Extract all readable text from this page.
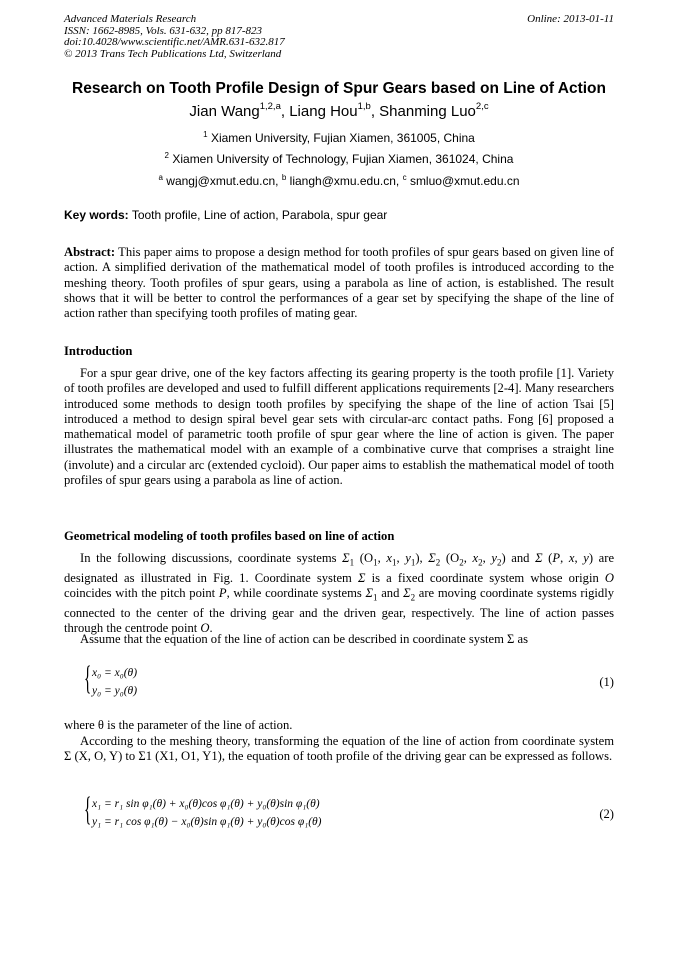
Advanced Materials Research
ISSN: 1662-8985, Vols. 631-632, pp 817-823
doi:10.4028/www.scientific.net/AMR.631-632.817
© 2013 Trans Tech Publications Ltd, Switzerland
Online: 2013-01-11
Research on Tooth Profile Design of Spur Gears based on Line of Action
Jian Wang$^{1,2,a}$, Liang Hou$^{1,b}$, Shanming Luo$^{2,c}$
$^1$ Xiamen University, Fujian Xiamen, 361005, China
$^2$ Xiamen University of Technology, Fujian Xiamen, 361024, China
$^a$ wangj@xmut.edu.cn, $^b$ liangh@xmu.edu.cn, $^c$ smluo@xmut.edu.cn
Key words: Tooth profile, Line of action, Parabola, spur gear
Abstract: This paper aims to propose a design method for tooth profiles of spur gears based on given line of action. A simplified derivation of the mathematical model of tooth profiles is introduced according to the meshing theory. Tooth profiles of spur gears, using a parabola as line of action, is established. The result shows that it will be better to control the performances of a gear set by specifying the shape of the line of action rather than specifying tooth profiles of mating gear.
Introduction
For a spur gear drive, one of the key factors affecting its gearing property is the tooth profile [1]. Variety of tooth profiles are developed and used to fulfill different applications requirements [2-4]. Many researchers introduced some methods to design tooth profiles by specifying the shape of the line of action Tsai [5] introduced a method to design spiral bevel gear sets with circular-arc contact paths. Fong [6] proposed a mathematical model of parametric tooth profile of spur gear where the line of action is given. The paper illustrates the mathematical model with an example of a combinative curve that comprises a straight line (involute) and a circular arc (extended cycloid). Our paper aims to establish the mathematical model of tooth profiles of spur gears using a parabola as line of action.
Geometrical modeling of tooth profiles based on line of action
In the following discussions, coordinate systems $\Sigma_1$ ($O_1$, $x_1$, $y_1$), $\Sigma_2$ ($O_2$, $x_2$, $y_2$) and Σ (P, x, y) are designated as illustrated in Fig. 1. Coordinate system Σ is a fixed coordinate system whose origin O coincides with the pitch point P, while coordinate systems $\Sigma_1$ and $\Sigma_2$ are moving coordinate systems rigidly connected to the center of the driving gear and the driven gear, respectively. The line of action passes through the centrode point O.
Assume that the equation of the line of action can be described in coordinate system Σ as
{ x₀ = x₀(θ)
y₀ = y₀(θ)
(1)
where θ is the parameter of the line of action.
According to the meshing theory, transforming the equation of the line of action from coordinate system Σ (X, O, Y) to Σ1 (X1, O1, Y1), the equation of tooth profile of the driving gear can be expressed as follows.
{ x₁ = r₁ sin φ₁(θ) + x₀(θ)cos φ₁(θ) + y₀(θ)sin φ₁(θ)
y₁ = r₁ cos φ₁(θ) − x₀(θ)sin φ₁(θ) + y₀(θ)cos φ₁(θ)
(2)
